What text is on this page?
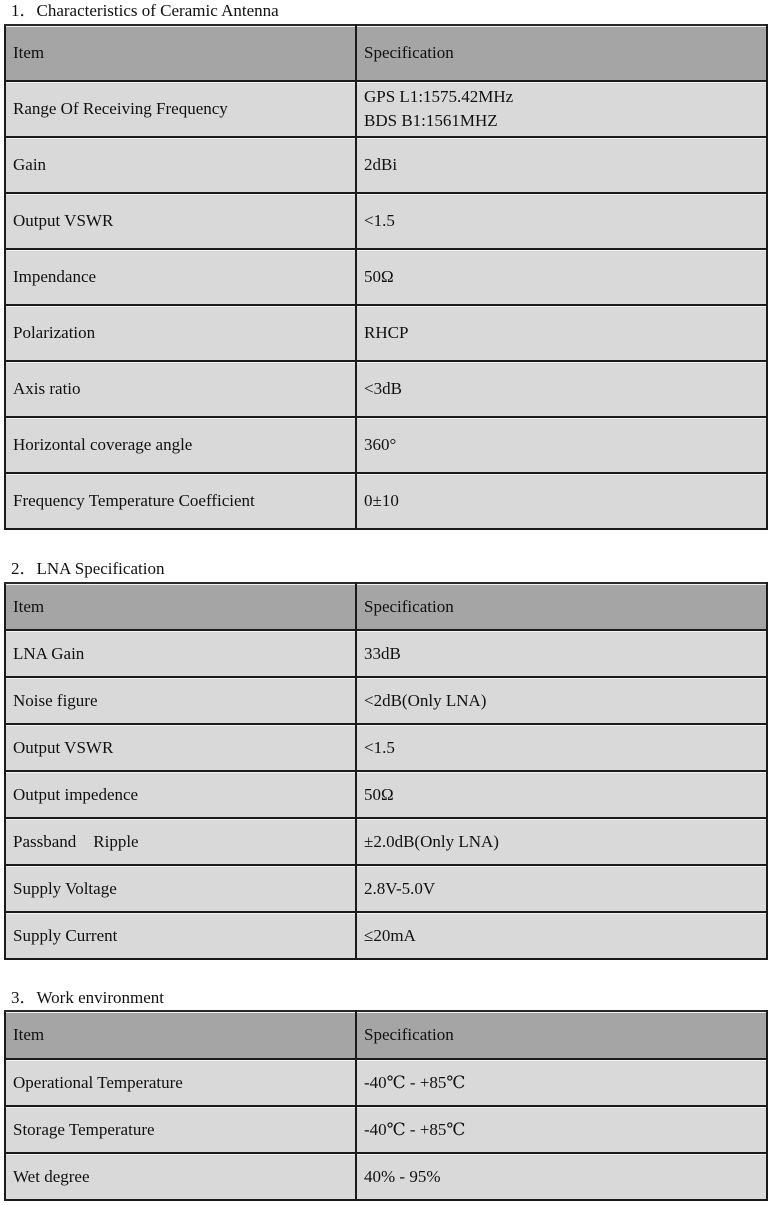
1．Characteristics of Ceramic Antenna
Item	Specification
Range Of Receiving Frequency	GPS L1:1575.42MHz
BDS B1:1561MHZ

Gain	2dBi
Output VSWR	<1.5
Impendance	50Ω
Polarization	RHCP
Axis ratio	<3dB
Horizontal coverage angle	360°
Frequency Temperature Coefficient	0±10
2．LNA Specification
Item	Specification
LNA Gain	33dB
Noise figure	<2dB(Only LNA)
Output VSWR	<1.5
Output impedence	50Ω
Passband    Ripple	±2.0dB(Only LNA)
Supply Voltage	2.8V-5.0V
Supply Current	≤20mA
3．Work environment
Item	Specification
Operational Temperature	-40℃ - +85℃
Storage Temperature	-40℃ - +85℃
Wet degree	40% - 95%
